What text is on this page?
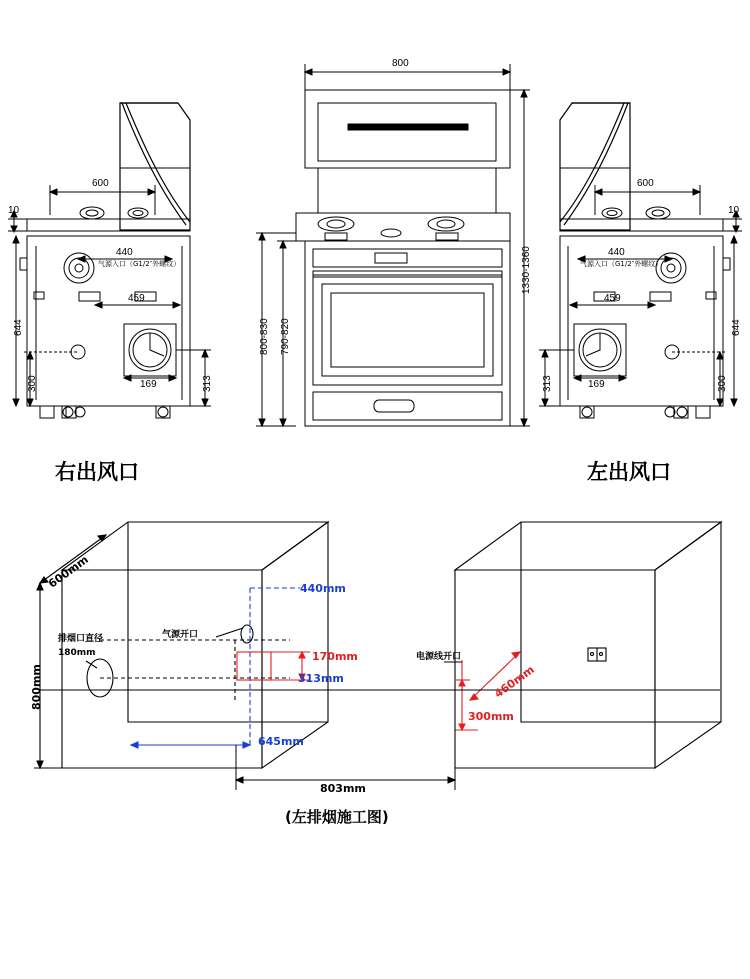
600
10
440
气源入口（G1/2″外螺纹）
459
169
644
300	313
800
1330-1360
800-830 790-820
600
10
440
气源入口（G1/2″外螺纹）
459
169
644
300
313
右出风口	左出风口
600mm
800mm
排烟口直径
180mm
气源开口
电源线开口
440mm
170mm
313mm
645mm
803mm
460mm
300mm
(左排烟施工图)
